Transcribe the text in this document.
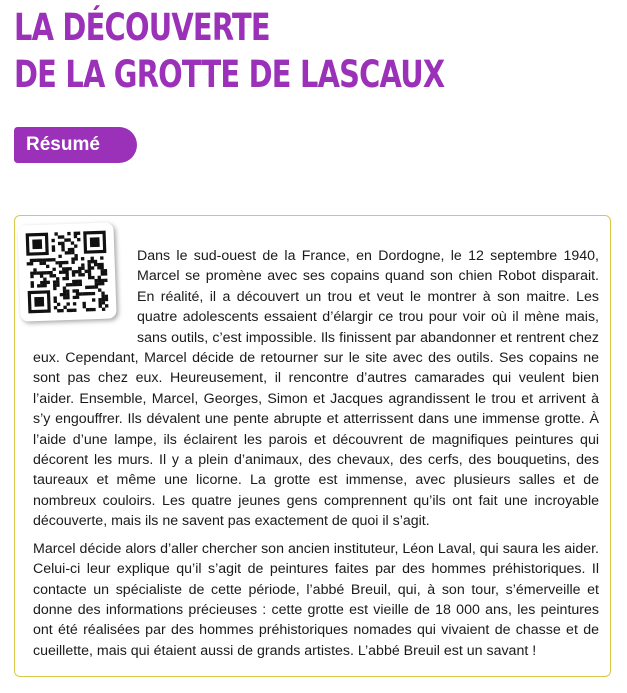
LA DÉCOUVERTE
DE LA GROTTE DE LASCAUX
Résumé

Dans le sud-ouest de la France, en Dordogne, le 12 septembre 1940, Marcel se promène avec ses copains quand son chien Robot disparait. En réalité, il a découvert un trou et veut le montrer à son maitre. Les quatre adolescents essaient d’élargir ce trou pour voir où il mène mais, sans outils, c’est impossible. Ils finissent par abandonner et rentrent chez eux. Cependant, Marcel décide de retourner sur le site avec des outils. Ses copains ne sont pas chez eux. Heureusement, il rencontre d’autres camarades qui veulent bien l’aider. Ensemble, Marcel, Georges, Simon et Jacques agrandissent le trou et arrivent à s’y engouffrer. Ils dévalent une pente abrupte et atterrissent dans une immense grotte. À l’aide d’une lampe, ils éclairent les parois et découvrent de magnifiques peintures qui décorent les murs. Il y a plein d’animaux, des chevaux, des cerfs, des bouquetins, des taureaux et même une licorne. La grotte est immense, avec plusieurs salles et de nombreux couloirs. Les quatre jeunes gens comprennent qu’ils ont fait une incroyable découverte, mais ils ne savent pas exactement de quoi il s’agit.

Marcel décide alors d’aller chercher son ancien instituteur, Léon Laval, qui saura les aider. Celui-ci leur explique qu’il s’agit de peintures faites par des hommes préhistoriques. Il contacte un spécialiste de cette période, l’abbé Breuil, qui, à son tour, s’émerveille et donne des informations précieuses : cette grotte est vieille de 18 000 ans, les peintures ont été réalisées par des hommes préhistoriques nomades qui vivaient de chasse et de cueillette, mais qui étaient aussi de grands artistes. L’abbé Breuil est un savant !
